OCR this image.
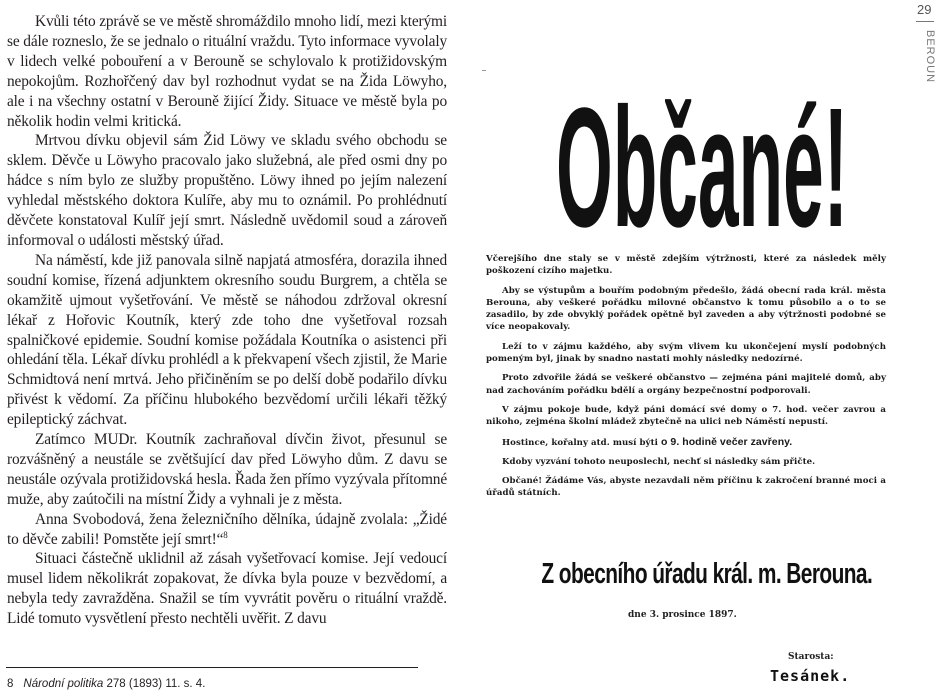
Kvůli této zprávě se ve městě shromáždilo mnoho lidí, mezi kterými se dále rozneslo, že se jednalo o rituální vraždu. Tyto informace vyvolaly v lidech velké pobouření a v Berouně se schylovalo k protižidovským nepokojům. Rozhořčený dav byl rozhodnut vydat se na Žida Löwyho, ale i na všechny ostatní v Berouně žijící Židy. Situace ve městě byla po několik hodin velmi kritická.

Mrtvou dívku objevil sám Žid Löwy ve skladu svého obchodu se sklem. Děvče u Löwyho pracovalo jako služebná, ale před osmi dny po hádce s ním bylo ze služby propuštěno. Löwy ihned po jejím nalezení vyhledal městského doktora Kulíře, aby mu to oznámil. Po prohlédnutí děvčete konstatoval Kulíř její smrt. Následně uvědomil soud a zároveň informoval o události městský úřad.

Na náměstí, kde již panovala silně napjatá atmosféra, dorazila ihned soudní komise, řízená adjunktem okresního soudu Burgrem, a chtěla se okamžitě ujmout vyšetřování. Ve městě se náhodou zdržoval okresní lékař z Hořovic Koutník, který zde toho dne vyšetřoval rozsah spalničkové epidemie. Soudní komise požádala Koutníka o asistenci při ohledání těla. Lékař dívku prohlédl a k překvapení všech zjistil, že Marie Schmidtová není mrtvá. Jeho přičiněním se po delší době podařilo dívku přivést k vědomí. Za příčinu hlubokého bezvědomí určili lékaři těžký epileptický záchvat.

Zatímco MUDr. Koutník zachraňoval dívčin život, přesunul se rozvášněný a neustále se zvětšující dav před Löwyho dům. Z davu se neustále ozývala protižidovská hesla. Řada žen přímo vyzývala přítomné muže, aby zaútočili na místní Židy a vyhnali je z města.

Anna Svobodová, žena železničního dělníka, údajně zvolala: „Židé to děvče zabili! Pomstěte její smrt!“$^8$

Situaci částečně uklidnil až zásah vyšetřovací komise. Její vedoucí musel lidem několikrát zopakovat, že dívka byla pouze v bezvědomí, a nebyla tedy zavražděna. Snažil se tím vyvrátit pověru o rituální vraždě. Lidé tomuto vysvětlení přesto nechtěli uvěřit. Z davu

8 Národní politika 278 (1893) 11. s. 4.
29
BEROUN
Občané!

Včerejšího dne staly se v městě zdejším výtržnosti, které za následek měly poškození cizího majetku.

Aby se výstupům a bouřím podobným předešlo, žádá obecní rada král. města Berouna, aby veškeré pořádku milovné občanstvo k tomu působilo a o to se zasadilo, by zde obvyklý pořádek opětně byl zaveden a aby výtržnosti podobné se více neopakovaly.

Leží to v zájmu každého, aby svým vlivem ku ukončejení myslí podobných pomeným byl, jinak by snadno nastati mohly následky nedozírné.

Proto zdvořile žádá se veškeré občanstvo — zejména páni majitelé domů, aby nad zachováním pořádku bdělí a orgány bezpečnostní podporovali.

V zájmu pokoje bude, když páni domácí své domy o 7. hod. večer zavrou a nikoho, zejména školní mládež zbytečně na ulici neb Náměstí nepustí.

Hostince, kořalny atd. musí býti o 9. hodině večer zavřeny.

Kdoby vyzvání tohoto neuposlechl, nechť si následky sám přičte.

Občané! Žádáme Vás, abyste nezavdali něm příčinu k zakročení branné moci a úřadů státních.

Z obecního úřadu král. m. Berouna.
dne 3. prosince 1897.
Starosta:
Tesánek.
